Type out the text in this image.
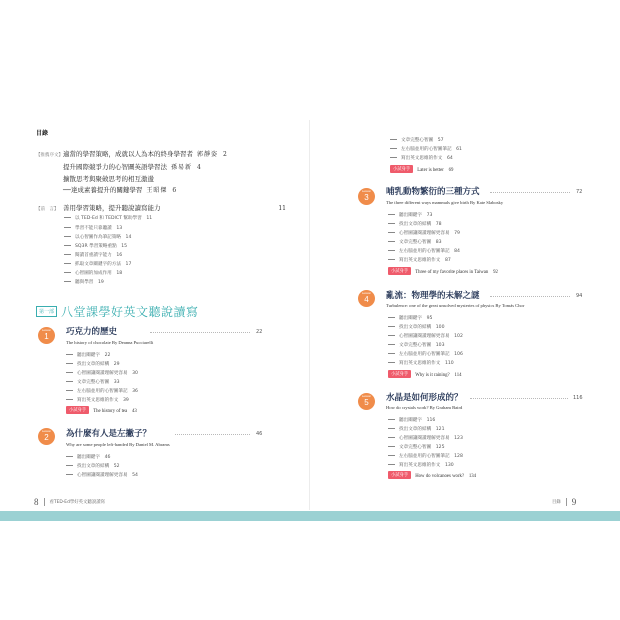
目錄
【推薦序文】 適當的學習策略，成就以人為本的終身學習者 郭靜姿 2
提升國際競爭力的心智圖英語學習法 孫易新 4
擴散思考與聚斂思考的相互激盪
──達成素養提升的關鍵學習 王昭傑 6
【前　言】 善用學習策略，提升聽說讀寫能力	11
以 TED-Ed 和 TEDICT 幫助學習　11
學習不能只靠聽讀　13
以心智圖作為筆記策略　14
SQ3R 學習策略重點　15
閱讀首重讀字能力　16
抓取文章關鍵字的方法　17
心智圖的加成作用　18
聽與學習　19
第一部 八堂課學好英文聽說讀寫
Lesson
1	巧克力的歷史	22
The history of chocolate By Deanna Pucciarelli
聽出關鍵字　22
找出文章的結構　29
心智圖讓閱讀理解更容易　30
文章完整心智圖　33
左右腦並用的心智圖筆記　36
寫出英文思維的作文　39
小試身手	The history of tea　43
Lesson
2	為什麼有人是左撇子？	46
Why are some people left-handed By Daniel M. Abrams
聽出關鍵字　46
找出文章的結構　52
心智圖讓閱讀理解更容易　54
8	看TED-Ed學好英文聽說讀寫
文章完整心智圖　57
左右腦並用的心智圖筆記　61
寫出英文思維的作文　64
小試身手	Later is better　69
Lesson
3
哺乳動物繁衍的三種方式	72
The three different ways mammals give birth By Kate Slabosky
聽出關鍵字　73
找出文章的結構　78
心智圖讓閱讀理解更容易　79
文章完整心智圖　83
左右腦並用的心智圖筆記　84
寫出英文思維的作文　87
小試身手	Three of my favorite places in Taiwan　92
Lesson
4	亂流：物理學的未解之謎	94
Turbulence: one of the great unsolved mysteries of physics By Tomás Chor
聽出關鍵字　95
找出文章的結構　100
心智圖讓閱讀理解更容易　102
文章完整心智圖　103
左右腦並用的心智圖筆記　106
寫出英文思維的作文　110
小試身手	Why is it raining?　114
Lesson
5	水晶是如何形成的？	116
How do crystals work? By Graham Baird
聽出關鍵字　116
找出文章的結構　121
心智圖讓閱讀理解更容易　123
文章完整心智圖　125
左右腦並用的心智圖筆記　128
寫出英文思維的作文　130
小試身手	How do volcanoes work?　134
目錄 9
